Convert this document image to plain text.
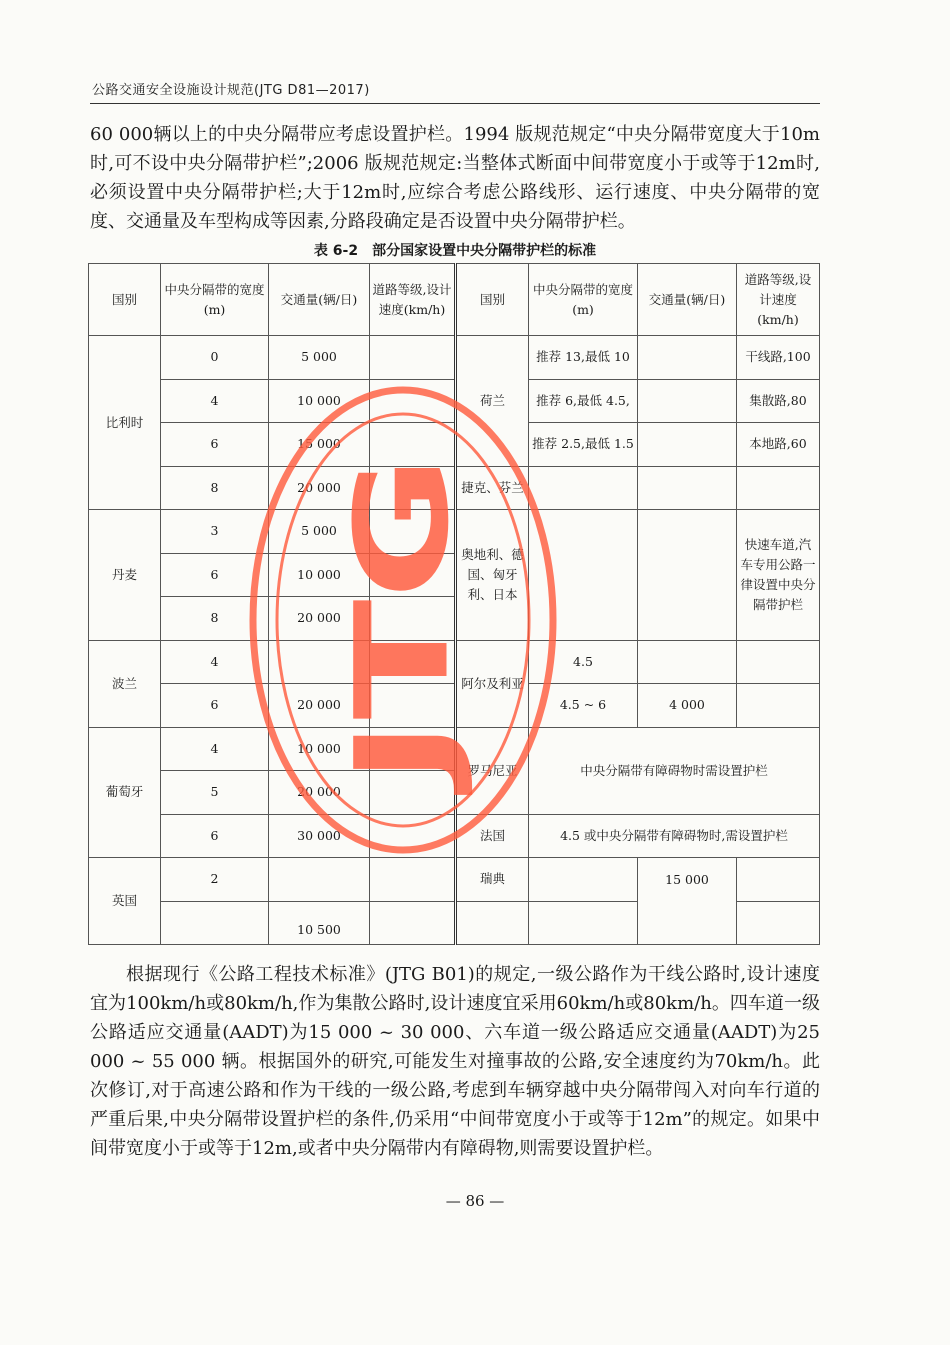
公路交通安全设施设计规范(JTG D81—2017)

60 000辆以上的中央分隔带应考虑设置护栏。1994 版规范规定“中央分隔带宽度大于10m时,可不设中央分隔带护栏”;2006 版规范规定:当整体式断面中间带宽度小于或等于12m时,必须设置中央分隔带护栏;大于12m时,应综合考虑公路线形、运行速度、中央分隔带的宽度、交通量及车型构成等因素,分路段确定是否设置中央分隔带护栏。

表 6-2 部分国家设置中央分隔带护栏的标准
国别	中央分隔带的宽度(m)	交通量(辆/日)	道路等级,设计速度(km/h)	国别	中央分隔带的宽度(m)	交通量(辆/日)	道路等级,设计速度(km/h)
比利时	0	5 000		荷兰	推荐 13,最低 10		干线路,100
	4	10 000			推荐 6,最低 4.5,		集散路,80
	6	15 000			推荐 2.5,最低 1.5		本地路,60
	8	20 000		捷克、芬兰			
丹麦	3	5 000		奥地利、德国、匈牙利、日本			快速车道,汽车专用公路一律设置中央分隔带护栏
	6	10 000					
	8	20 000					
波兰	4			阿尔及利亚	4.5		
	6	20 000			4.5 ~ 6	4 000	
葡萄牙	4	10 000		罗马尼亚	中央分隔带有障碍物时需设置护栏		
	5	20 000					
	6	30 000		法国	4.5 或中央分隔带有障碍物时,需设置护栏		
英国	2			瑞典		15 000	
		10 500					
JTG

根据现行《公路工程技术标准》(JTG B01)的规定,一级公路作为干线公路时,设计速度宜为100km/h或80km/h,作为集散公路时,设计速度宜采用60km/h或80km/h。四车道一级公路适应交通量(AADT)为15 000 ~ 30 000、六车道一级公路适应交通量(AADT)为25 000 ~ 55 000 辆。根据国外的研究,可能发生对撞事故的公路,安全速度约为70km/h。此次修订,对于高速公路和作为干线的一级公路,考虑到车辆穿越中央分隔带闯入对向车行道的严重后果,中央分隔带设置护栏的条件,仍采用“中间带宽度小于或等于12m”的规定。如果中间带宽度小于或等于12m,或者中央分隔带内有障碍物,则需要设置护栏。

— 86 —
